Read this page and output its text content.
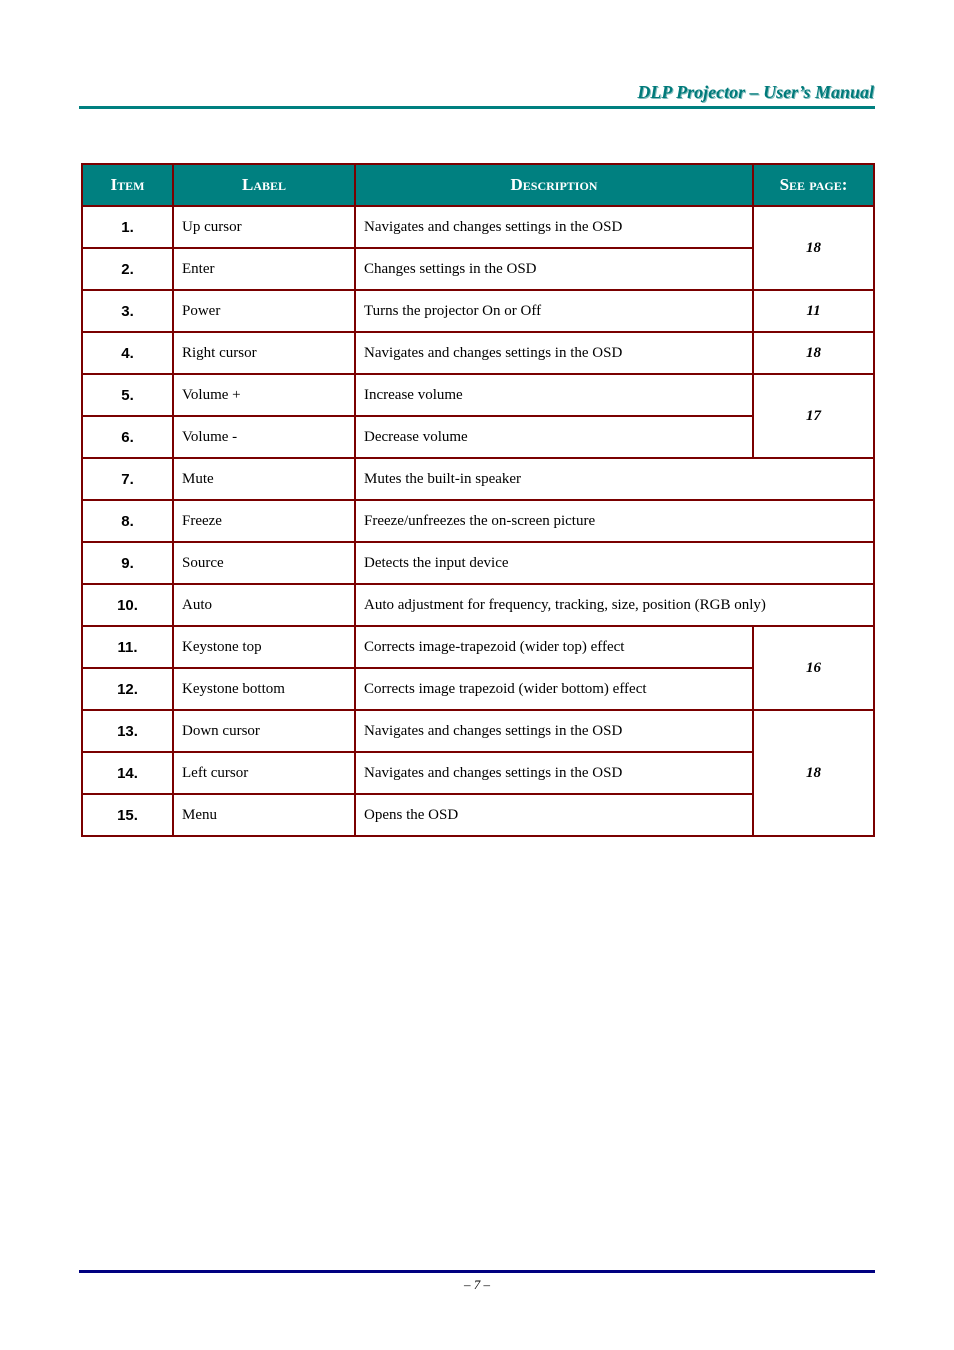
DLP Projector – User’s Manual
Item	Label	Description	See page:
1.	Up cursor	Navigates and changes settings in the OSD	18
2.	Enter	Changes settings in the OSD	
3.	Power	Turns the projector On or Off	11
4.	Right cursor	Navigates and changes settings in the OSD	18
5.	Volume +	Increase volume	17
6.	Volume -	Decrease volume	
7.	Mute	Mutes the built-in speaker	
8.	Freeze	Freeze/unfreezes the on-screen picture	
9.	Source	Detects the input device	
10.	Auto	Auto adjustment for frequency, tracking, size, position (RGB only)	
11.	Keystone top	Corrects image-trapezoid (wider top) effect	16
12.	Keystone bottom	Corrects image trapezoid (wider bottom) effect	
13.	Down cursor	Navigates and changes settings in the OSD	18
14.	Left cursor	Navigates and changes settings in the OSD	
15.	Menu	Opens the OSD	
– 7 –
